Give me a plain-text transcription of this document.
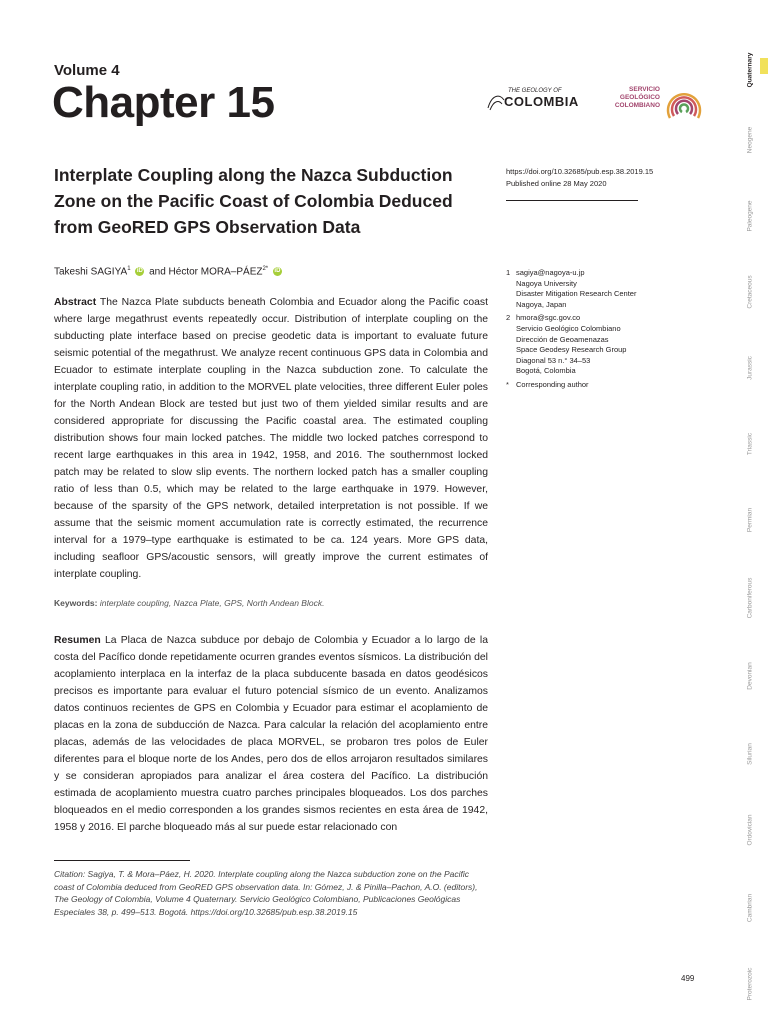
Volume 4
Chapter 15	THE GEOLOGY OF
COLOMBIA
SERVICIO
GEOLÓGICO
COLOMBIANO
Interplate Coupling along the Nazca Subduction Zone on the Pacific Coast of Colombia Deduced from GeoRED GPS Observation Data
https://doi.org/10.32685/pub.esp.38.2019.15
Published online 28 May 2020
Takeshi SAGIYA$^1$ iD and Héctor MORA–$PÁEZ^{2*}$ iD	1 sagiya@nagoya-u.jp
Nagoya University
Disaster Mitigation Research Center
Nagoya, Japan
2 hmora@sgc.gov.co
Servicio Geológico Colombiano
Dirección de Geoamenazas
Space Geodesy Research Group
Diagonal 53 n.° 34–53
Bogotá, Colombia
* Corresponding author

Abstract The Nazca Plate subducts beneath Colombia and Ecuador along the Pacific coast where large megathrust events repeatedly occur. Distribution of interplate coupling on the subducting plate interface based on precise geodetic data is important to evaluate future seismic potential of the megathrust. We analyze recent continuous GPS data in Colombia and Ecuador to estimate interplate coupling in the Nazca subduction zone. To calculate the interplate coupling ratio, in addition to the MORVEL plate velocities, three different Euler poles for the North Andean Block are tested but just two of them yielded similar results and are considered appropriate for discussing the Pacific coastal area. The estimated coupling distribution shows four main locked patches. The middle two locked patches correspond to recent large earthquakes in this area in 1942, 1958, and 2016. The southernmost locked patch may be related to slow slip events. The northern locked patch has a smaller coupling ratio of less than 0.5, which may be related to the large earthquake in 1979. However, because of the sparsity of the GPS network, detailed interpretation is not possible. If we assume that the seismic moment accumulation rate is correctly estimated, the recurrence interval for a 1979–type earthquake is estimated to be ca. 124 years. More GPS data, including seafloor GPS/acoustic sensors, will greatly improve the current estimates of interplate coupling.

Keywords: interplate coupling, Nazca Plate, GPS, North Andean Block.

Resumen La Placa de Nazca subduce por debajo de Colombia y Ecuador a lo largo de la costa del Pacífico donde repetidamente ocurren grandes eventos sísmicos. La distribución del acoplamiento interplaca en la interfaz de la placa subducente basada en datos geodésicos precisos es importante para evaluar el futuro potencial sísmico de un evento. Analizamos datos continuos recientes de GPS en Colombia y Ecuador para estimar el acoplamiento de placas en la zona de subducción de Nazca. Para calcular la relación del acoplamiento entre placas, además de las velocidades de placa MORVEL, se probaron tres polos de Euler diferentes para el bloque norte de los Andes, pero dos de ellos arrojaron resultados similares y se consideran apropiados para analizar el área costera del Pacífico. La distribución estimada de acoplamiento muestra cuatro parches principales bloqueados. Los dos parches bloqueados en el medio corresponden a los grandes sismos recientes en esta área de 1942, 1958 y 2016. El parche bloqueado más al sur puede estar relacionado con

Citation: Sagiya, T. & Mora–Páez, H. 2020. Interplate coupling along the Nazca subduction zone on the Pacific coast of Colombia deduced from GeoRED GPS observation data. In: Gómez, J. & Pinilla–Pachon, A.O. (editors), The Geology of Colombia, Volume 4 Quaternary. Servicio Geológico Colombiano, Publicaciones Geológicas Especiales 38, p. 499–513. Bogotá. https://doi.org/10.32685/pub.esp.38.2019.15

499
Quaternary
Neogene
Paleogene
Cretaceous
Jurassic
Triassic
Permian
Carboniferous
Devonian
Silurian
Ordovician
Cambrian
Proterozoic
